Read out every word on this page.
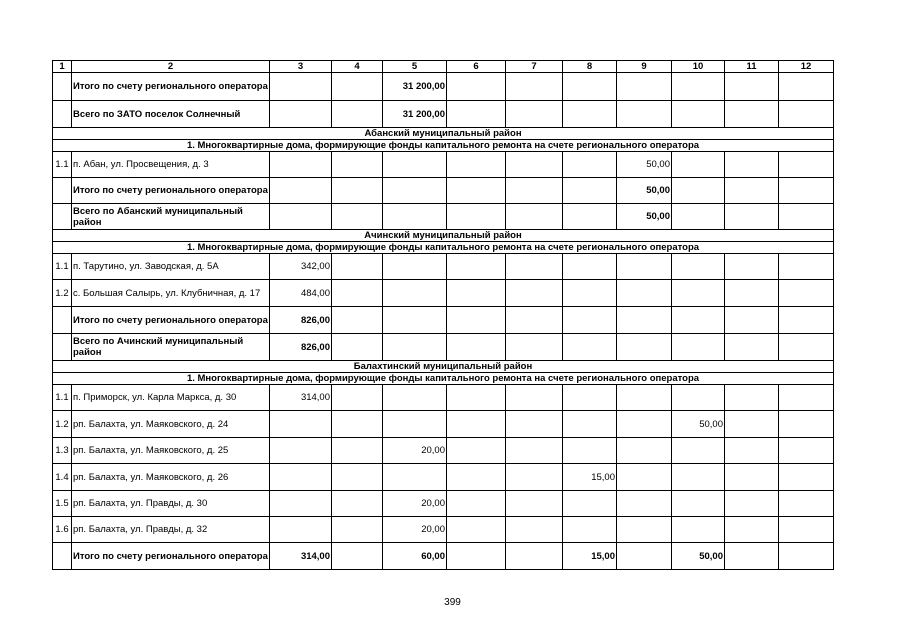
1	2	3	4	5	6	7	8	9	10	11	12
	Итого по счету регионального оператора			31 200,00							
	Всего по ЗАТО поселок Солнечный			31 200,00							
Абанский муниципальный район											
1. Многоквартирные дома, формирующие фонды капитального ремонта на счете регионального оператора											
1.1	п. Абан, ул. Просвещения, д. 3							50,00			
	Итого по счету регионального оператора							50,00			
	Всего по Абанский муниципальный район							50,00			
Ачинский муниципальный район											
1. Многоквартирные дома, формирующие фонды капитального ремонта на счете регионального оператора											
1.1	п. Тарутино, ул. Заводская, д. 5А	342,00									
1.2	с. Большая Салырь, ул. Клубничная, д. 17	484,00									
	Итого по счету регионального оператора	826,00									
	Всего по Ачинский муниципальный район	826,00									
Балахтинский муниципальный район											
1. Многоквартирные дома, формирующие фонды капитального ремонта на счете регионального оператора											
1.1	п. Приморск, ул. Карла Маркса, д. 30	314,00									
1.2	рп. Балахта, ул. Маяковского, д. 24								50,00		
1.3	рп. Балахта, ул. Маяковского, д. 25			20,00							
1.4	рп. Балахта, ул. Маяковского, д. 26						15,00				
1.5	рп. Балахта, ул. Правды, д. 30			20,00							
1.6	рп. Балахта, ул. Правды, д. 32			20,00							
	Итого по счету регионального оператора	314,00		60,00			15,00		50,00		
399
